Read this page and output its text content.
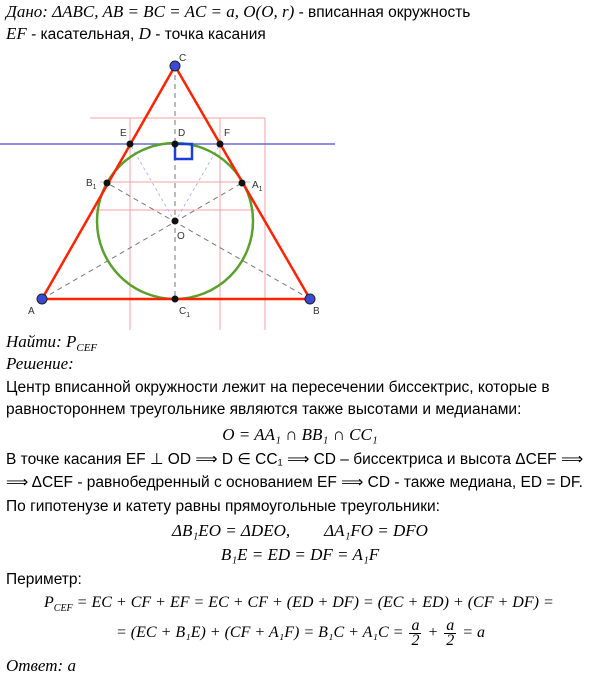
Дано: ΔABC, AB = BC = AC = a, O(O, r) - вписанная окружность
EF - касательная, D - точка касания
C
E	D	F
$B_1$	$A_1$
O
A	B
$C_1$
Найти: $P_{CEF}$
Решение:
Центр вписанной окружности лежит на пересечении биссектрис, которые в
равностороннем треугольнике являются также высотами и медианами:
O = AA₁ ∩ BB₁ ∩ CC₁
В точке касания EF ⊥ OD ⟹ D ∈ CC₁ ⟹ CD – биссектриса и высота ΔCEF ⟹
⟹ ΔCEF - равнобедренный с основанием EF ⟹ CD - также медиана, ED = DF.
По гипотенузе и катету равны прямоугольные треугольники:
ΔB₁EO = ΔDEO,        ΔA₁FO = DFO
B₁E = ED = DF = A₁F
Периметр:
$P_{CEF}$ = EC + CF + EF = EC + CF + (ED + DF) = (EC + ED) + (CF + DF) =
= $(EC + B_1E) + (CF + A_1F) = B_1C + A_1C = \frac{a}{2} + \frac{a}{2} = a$
Ответ: a
